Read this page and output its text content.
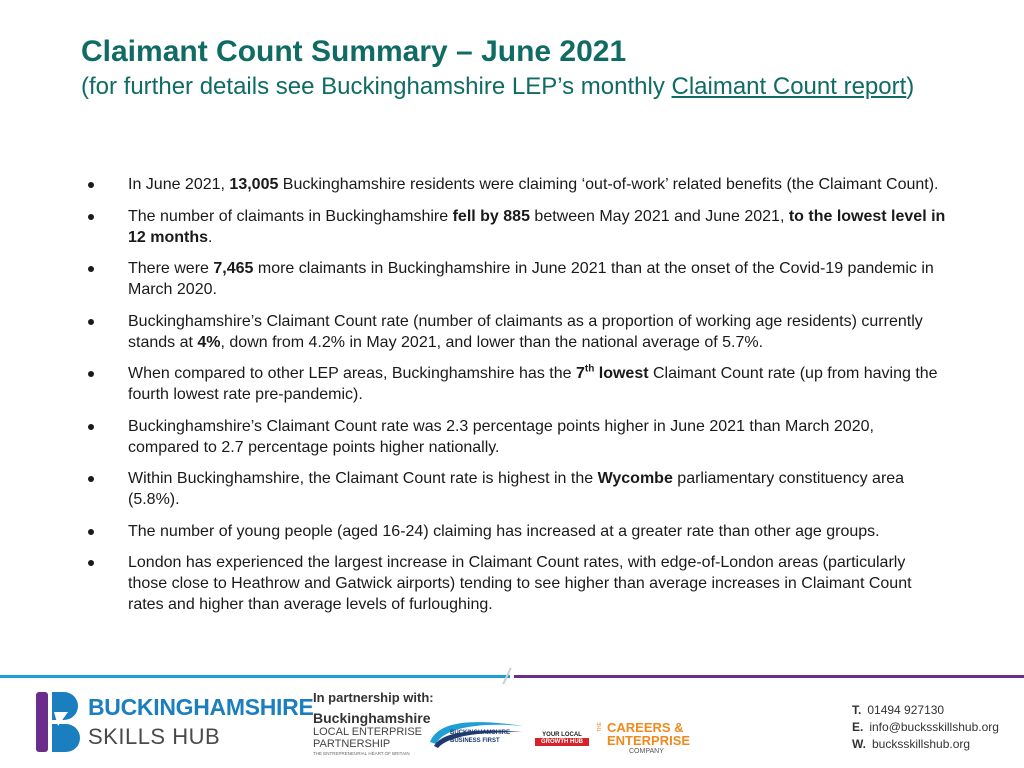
Claimant Count Summary – June 2021

(for further details see Buckinghamshire LEP’s monthly Claimant Count report)

In June 2021, 13,005 Buckinghamshire residents were claiming ‘out-of-work’ related benefits (the Claimant Count).
The number of claimants in Buckinghamshire fell by 885 between May 2021 and June 2021, to the lowest level in 12 months.
There were 7,465 more claimants in Buckinghamshire in June 2021 than at the onset of the Covid-19 pandemic in March 2020.
Buckinghamshire’s Claimant Count rate (number of claimants as a proportion of working age residents) currently stands at 4%, down from 4.2% in May 2021, and lower than the national average of 5.7%.
When compared to other LEP areas, Buckinghamshire has the 7th lowest Claimant Count rate (up from having the fourth lowest rate pre-pandemic).
Buckinghamshire’s Claimant Count rate was 2.3 percentage points higher in June 2021 than March 2020, compared to 2.7 percentage points higher nationally.
Within Buckinghamshire, the Claimant Count rate is highest in the Wycombe parliamentary constituency area (5.8%).
The number of young people (aged 16-24) claiming has increased at a greater rate than other age groups.
London has experienced the largest increase in Claimant Count rates, with edge-of-London areas (particularly those close to Heathrow and Gatwick airports) tending to see higher than average increases in Claimant Count rates and higher than average levels of furloughing.
BUCKINGHAMSHIRE
SKILLS HUB
In partnership with:
Buckinghamshire
LOCAL ENTERPRISE
PARTNERSHIP
THE ENTREPRENEURIAL HEART OF BRITAIN
BUCKINGHAMSHIRE
BUSINESS FIRST
YOUR LOCAL
GROWTH HUB
THE CAREERS &
ENTERPRISE
COMPANY
T. 01494 927130
E. info@bucksskillshub.org
W. bucksskillshub.org
